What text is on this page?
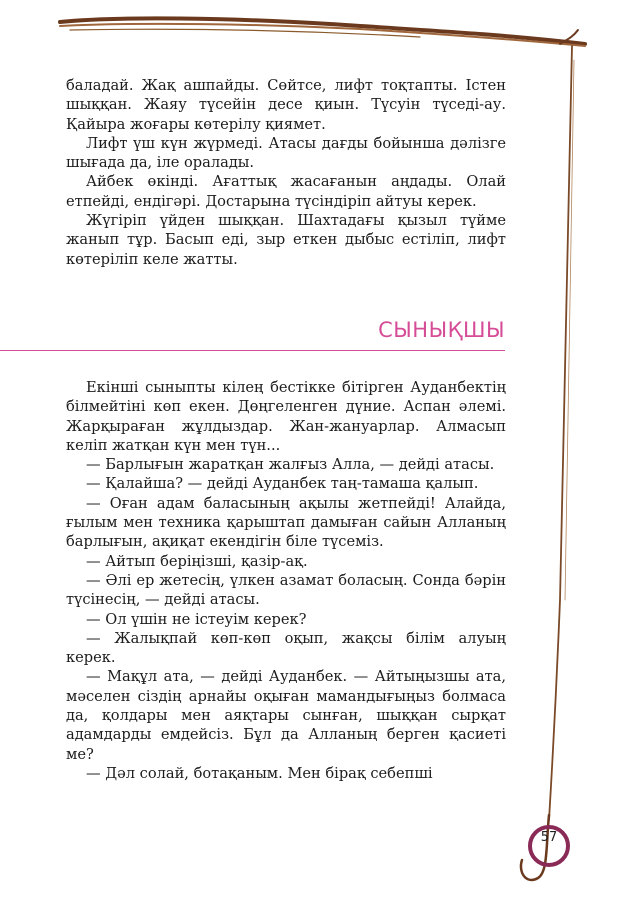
баладай. Жақ ашпайды. Сөйтсе, лифт тоқтапты. Істен шыққан. Жаяу түсейін десе қиын. Түсуін түседі-ау. Қайыра жоғары көтерілу қиямет.

Лифт үш күн жүрмеді. Атасы дағды бойынша дәлізге шығада да, іле оралады.

Айбек өкінді. Ағаттық жасағанын аңдады. Олай етпейді, ендігәрі. Достарына түсіндіріп айтуы керек.

Жүгіріп үйден шыққан. Шахтадағы қызыл түйме жанып тұр. Басып еді, зыр еткен дыбыс естіліп, лифт көтеріліп келе жатты.

СЫНЫҚШЫ

Екінші сыныпты кілең бестікке бітірген Ауданбектің білмейтіні көп екен. Дөңгеленген дүние. Аспан әлемі. Жарқыраған жұлдыздар. Жан-жануарлар. Алмасып келіп жатқан күн мен түн...

— Барлығын жаратқан жалғыз Алла, — дейді атасы.

— Қалайша? — дейді Ауданбек таң-тамаша қалып.

— Оған адам баласының ақылы жетпейді! Алайда, ғылым мен техника қарыштап дамыған сайын Алланың барлығын, ақиқат екендігін біле түсеміз.

— Айтып беріңізші, қазір-ақ.

— Әлі ер жетесің, үлкен азамат боласың. Сонда бәрін түсінесің, — дейді атасы.

— Ол үшін не істеуім керек?

— Жалықпай көп-көп оқып, жақсы білім алуың керек.

— Мақұл ата, — дейді Ауданбек. — Айтыңызшы ата, мәселен сіздің арнайы оқыған мамандығыңыз болмаса да, қолдары мен аяқтары сынған, шыққан сырқат адамдарды емдейсіз. Бұл да Алланың берген қасиеті ме?

— Дәл солай, ботақаным. Мен бірақ себепші

57
